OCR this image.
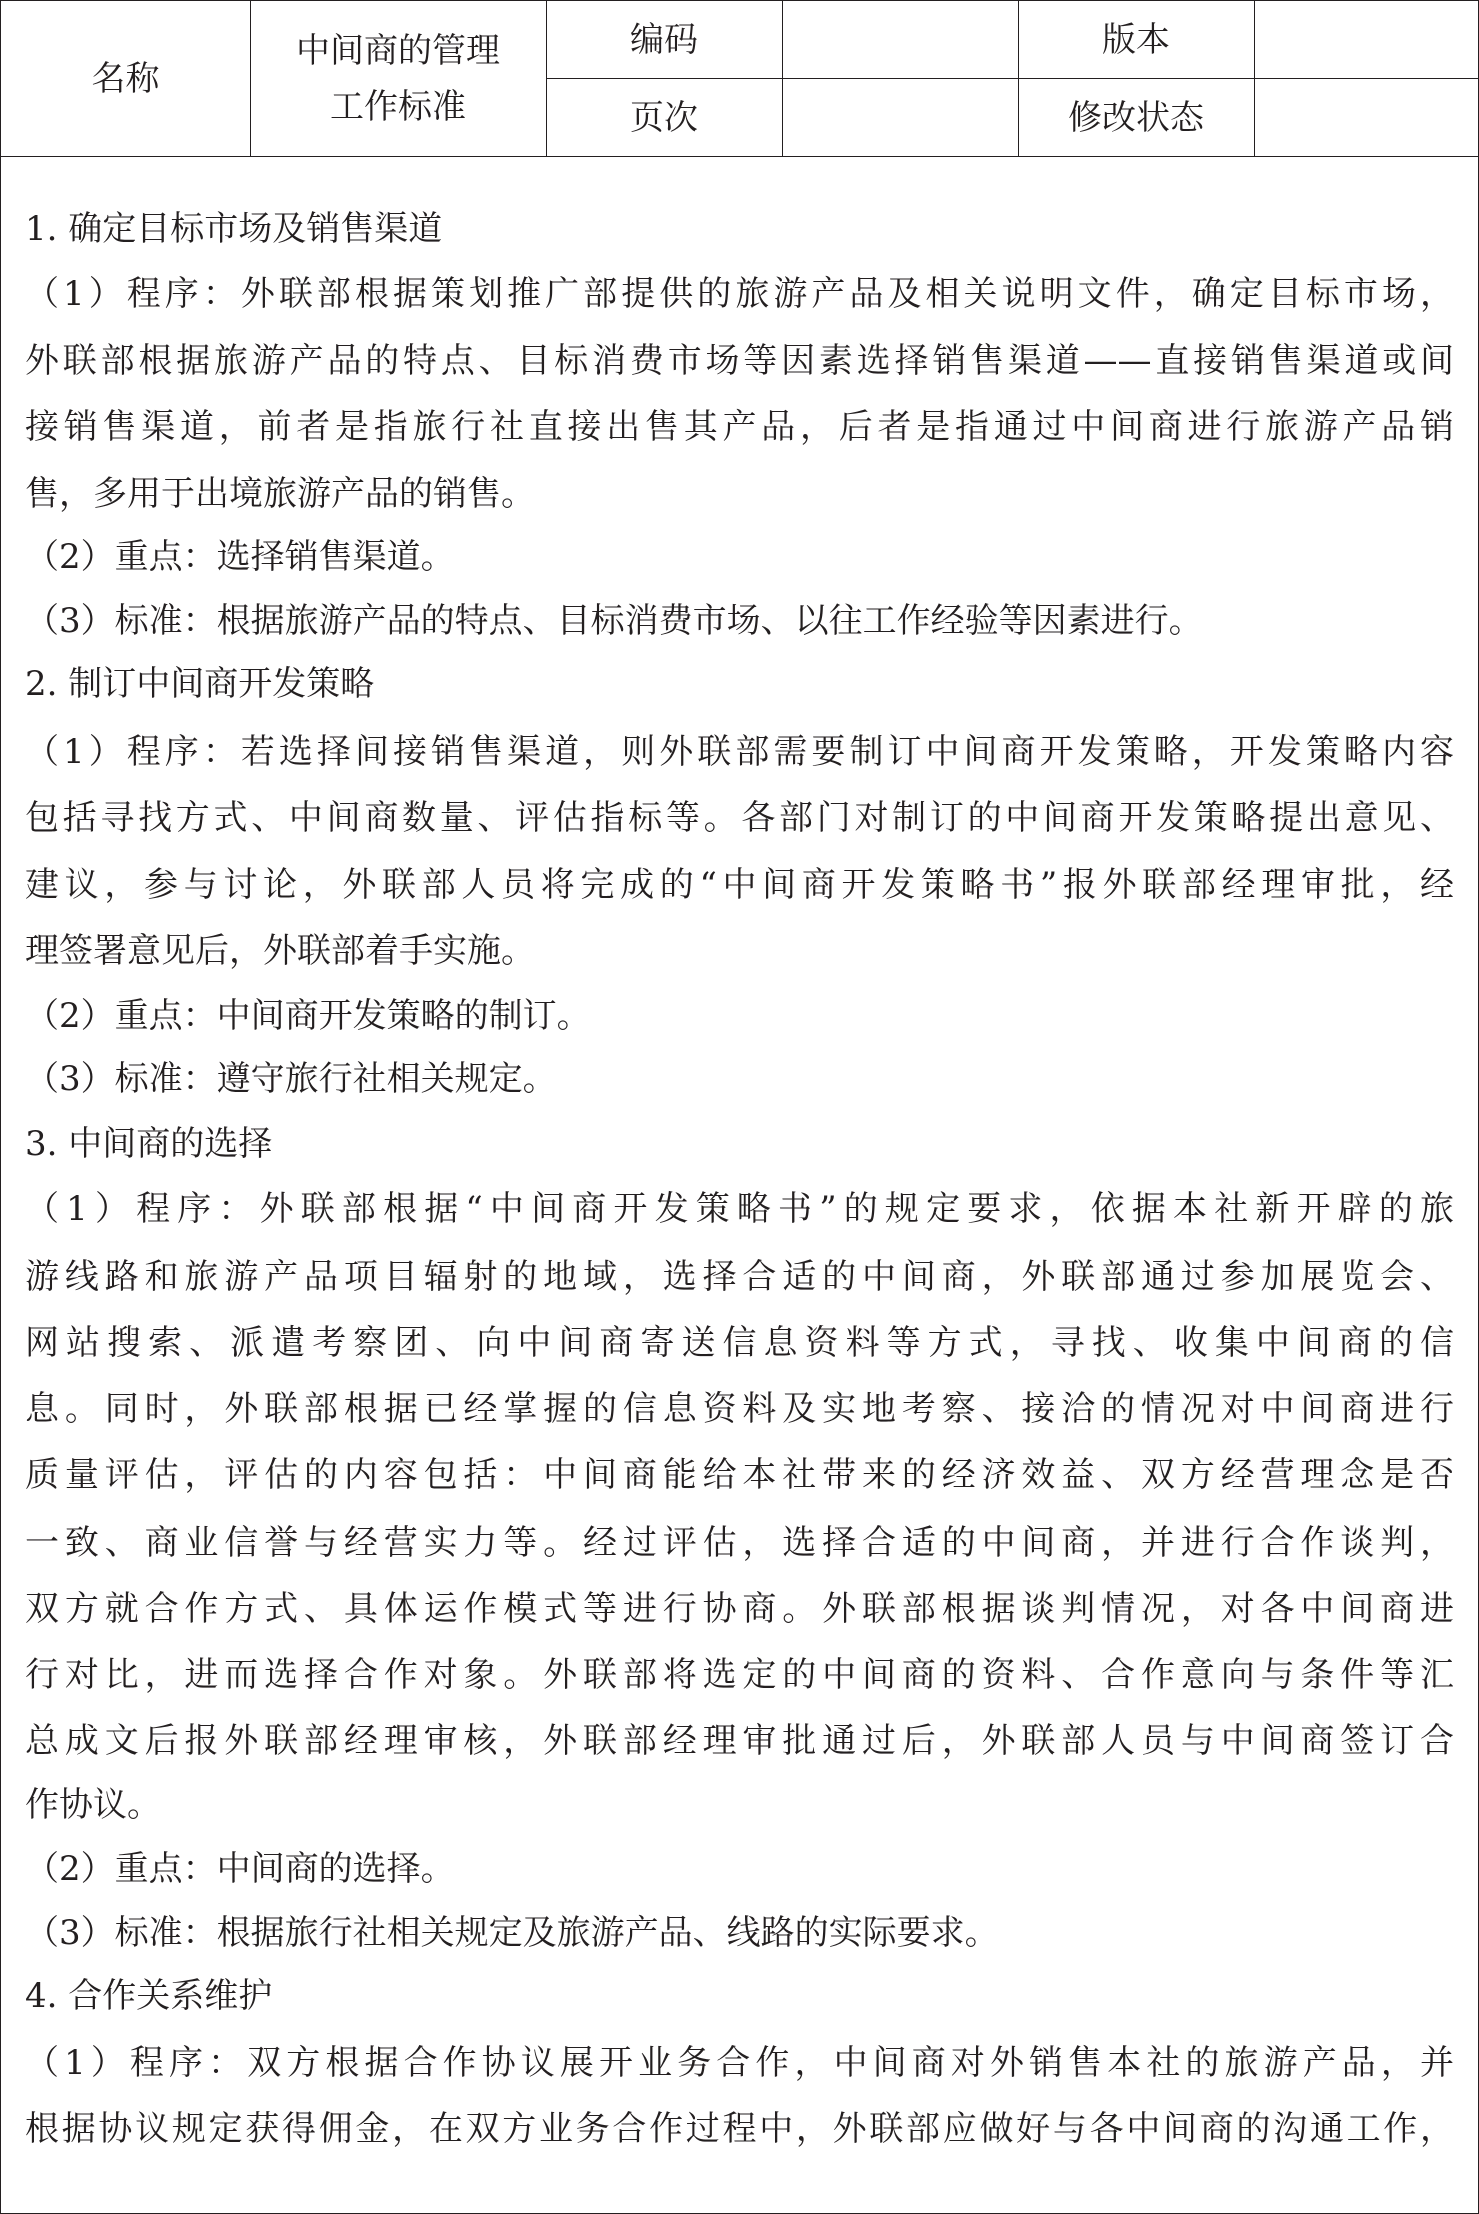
名称
中间商的管理
工作标准
编码	版本
页次	修改状态
1. 确定目标市场及销售渠道
（1）程序：外联部根据策划推广部提供的旅游产品及相关说明文件，确定目标市场，
外联部根据旅游产品的特点、目标消费市场等因素选择销售渠道——直接销售渠道或间
接销售渠道，前者是指旅行社直接出售其产品，后者是指通过中间商进行旅游产品销
售，多用于出境旅游产品的销售。
（2）重点：选择销售渠道。
（3）标准：根据旅游产品的特点、目标消费市场、以往工作经验等因素进行。
2. 制订中间商开发策略
（1）程序：若选择间接销售渠道，则外联部需要制订中间商开发策略，开发策略内容
包括寻找方式、中间商数量、评估指标等。各部门对制订的中间商开发策略提出意见、
建议，参与讨论，外联部人员将完成的“中间商开发策略书”报外联部经理审批，经
理签署意见后，外联部着手实施。
（2）重点：中间商开发策略的制订。
（3）标准：遵守旅行社相关规定。
3. 中间商的选择
（1）程序：外联部根据“中间商开发策略书”的规定要求，依据本社新开辟的旅
游线路和旅游产品项目辐射的地域，选择合适的中间商，外联部通过参加展览会、
网站搜索、派遣考察团、向中间商寄送信息资料等方式，寻找、收集中间商的信
息。同时，外联部根据已经掌握的信息资料及实地考察、接洽的情况对中间商进行
质量评估，评估的内容包括：中间商能给本社带来的经济效益、双方经营理念是否
一致、商业信誉与经营实力等。经过评估，选择合适的中间商，并进行合作谈判，
双方就合作方式、具体运作模式等进行协商。外联部根据谈判情况，对各中间商进
行对比，进而选择合作对象。外联部将选定的中间商的资料、合作意向与条件等汇
总成文后报外联部经理审核，外联部经理审批通过后，外联部人员与中间商签订合
作协议。
（2）重点：中间商的选择。
（3）标准：根据旅行社相关规定及旅游产品、线路的实际要求。
4. 合作关系维护
（1）程序：双方根据合作协议展开业务合作，中间商对外销售本社的旅游产品，并
根据协议规定获得佣金，在双方业务合作过程中，外联部应做好与各中间商的沟通工作，
